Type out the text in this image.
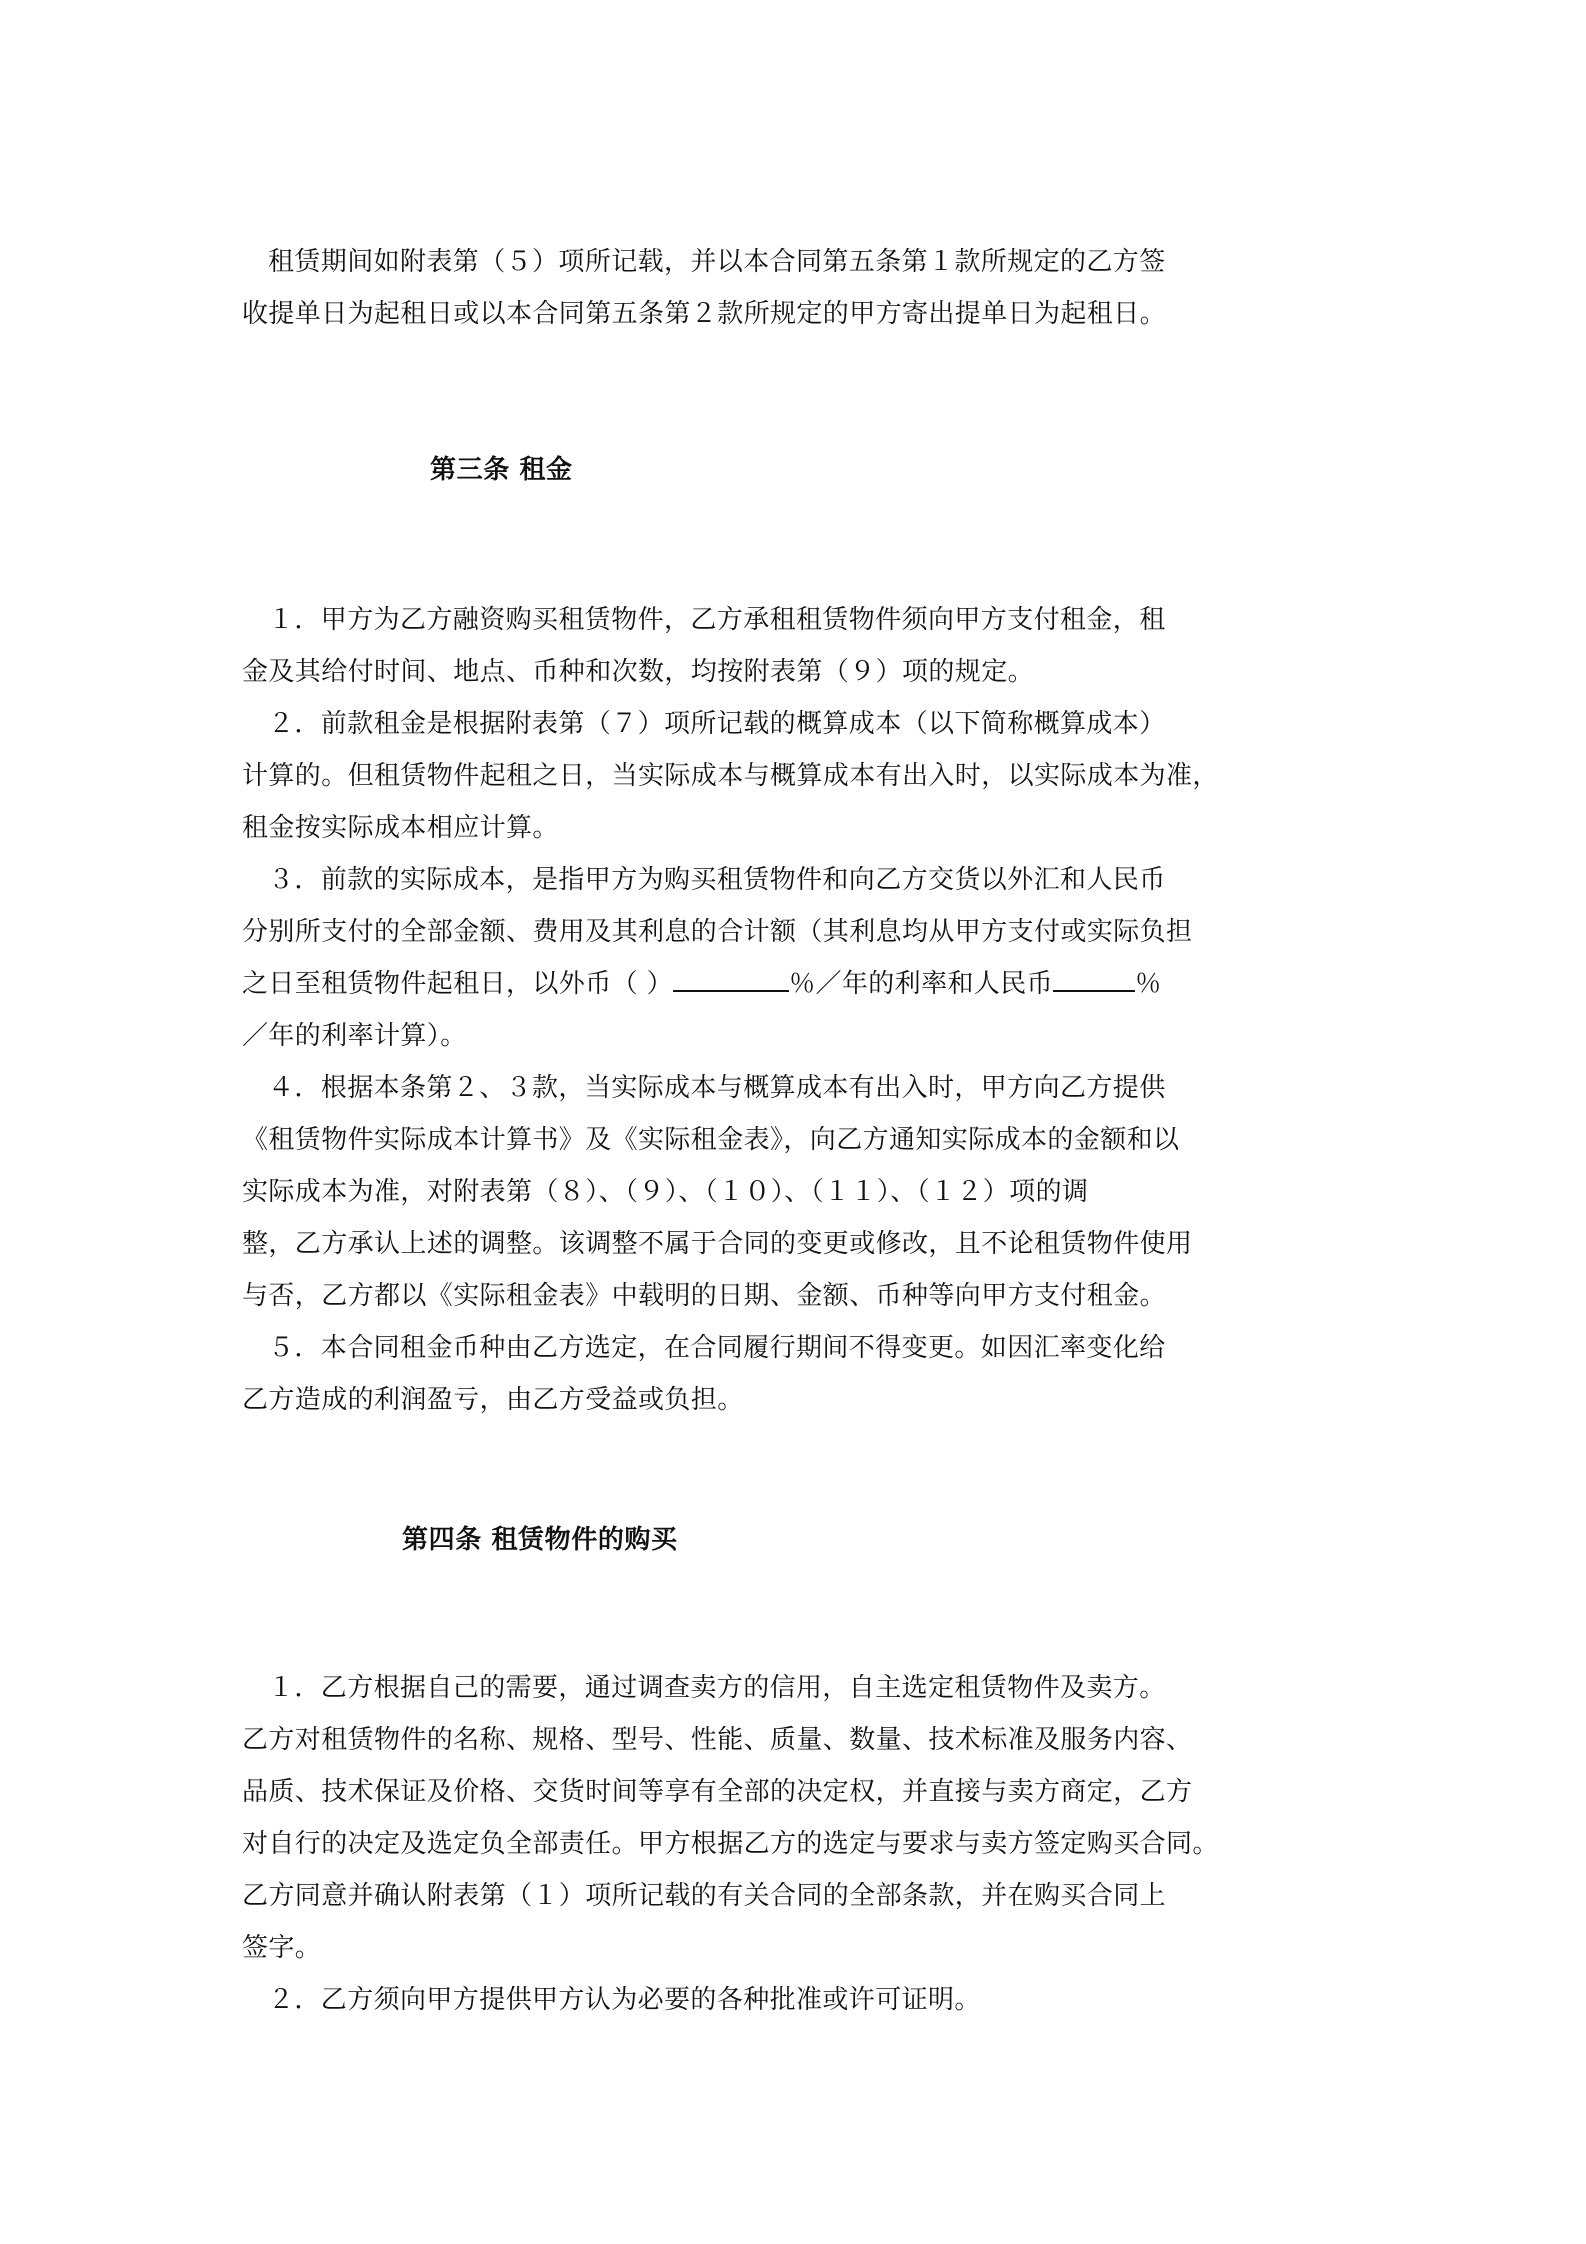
租赁期间如附表第（５）项所记载，并以本合同第五条第１款所规定的乙方签
收提单日为起租日或以本合同第五条第２款所规定的甲方寄出提单日为起租日。
第三条 租金
１．甲方为乙方融资购买租赁物件，乙方承租租赁物件须向甲方支付租金，租
金及其给付时间、地点、币种和次数，均按附表第（９）项的规定。
２．前款租金是根据附表第（７）项所记载的概算成本（以下简称概算成本）
计算的。但租赁物件起租之日，当实际成本与概算成本有出入时，以实际成本为准，
租金按实际成本相应计算。
３．前款的实际成本，是指甲方为购买租赁物件和向乙方交货以外汇和人民币
分别所支付的全部金额、费用及其利息的合计额（其利息均从甲方支付或实际负担
之日至租赁物件起租日，以外币（ ）	％／年的利率和人民币	％
／年的利率计算）。
４．根据本条第２、３款，当实际成本与概算成本有出入时，甲方向乙方提供
《租赁物件实际成本计算书》及《实际租金表》，向乙方通知实际成本的金额和以
实际成本为准，对附表第（８）、（９）、（１０）、（１１）、（１２）项的调
整，乙方承认上述的调整。该调整不属于合同的变更或修改，且不论租赁物件使用
与否，乙方都以《实际租金表》中载明的日期、金额、币种等向甲方支付租金。
５．本合同租金币种由乙方选定，在合同履行期间不得变更。如因汇率变化给
乙方造成的利润盈亏，由乙方受益或负担。
第四条 租赁物件的购买
１．乙方根据自己的需要，通过调查卖方的信用，自主选定租赁物件及卖方。
乙方对租赁物件的名称、规格、型号、性能、质量、数量、技术标准及服务内容、
品质、技术保证及价格、交货时间等享有全部的决定权，并直接与卖方商定，乙方
对自行的决定及选定负全部责任。甲方根据乙方的选定与要求与卖方签定购买合同。
乙方同意并确认附表第（１）项所记载的有关合同的全部条款，并在购买合同上
签字。
２．乙方须向甲方提供甲方认为必要的各种批准或许可证明。
